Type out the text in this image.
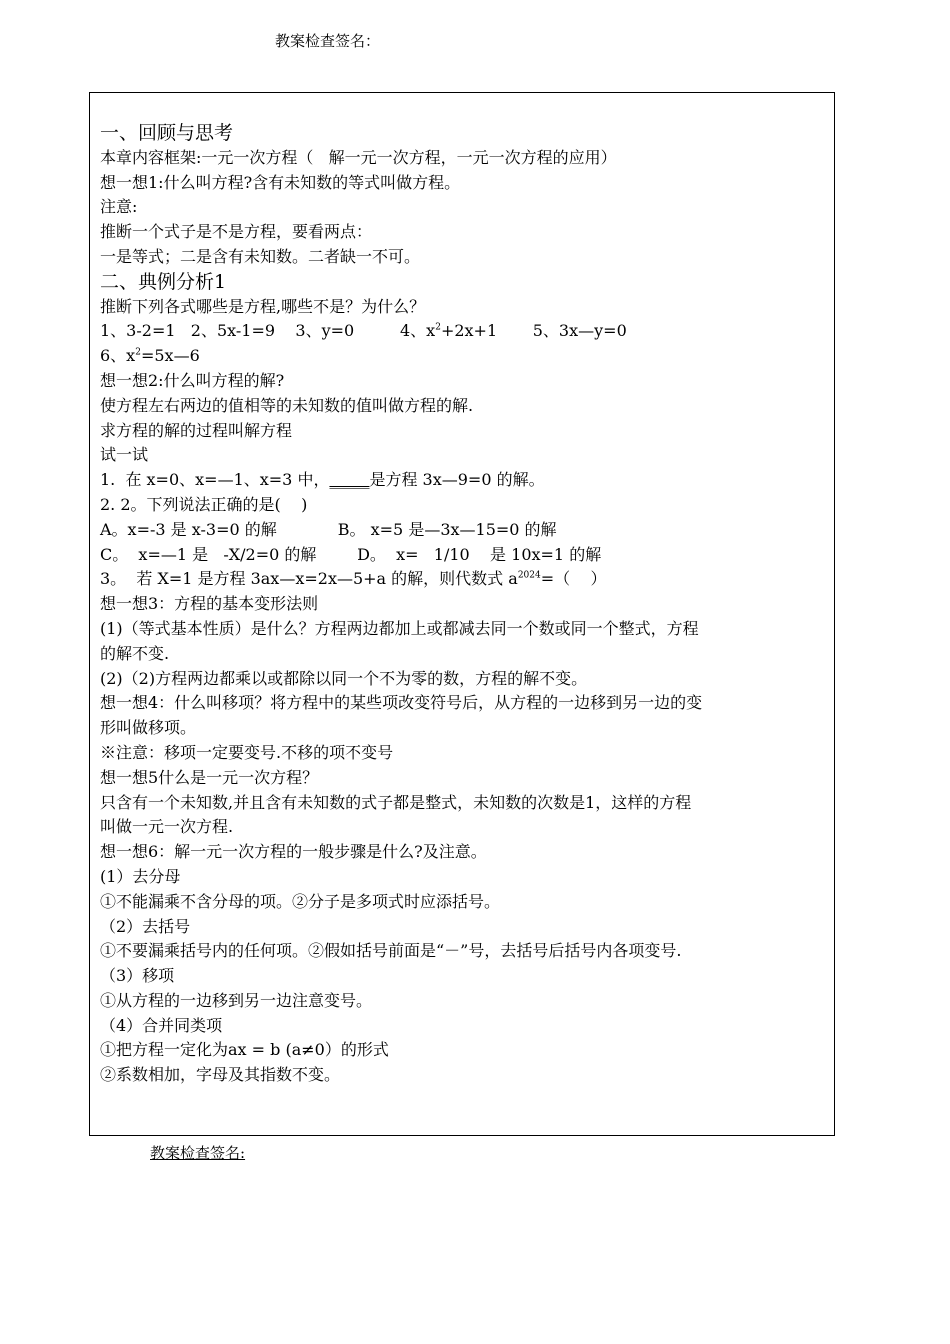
教案检查签名：
一、回顾与思考
本章内容框架:一元一次方程（   解一元一次方程，一元一次方程的应用）
想一想1:什么叫方程?含有未知数的等式叫做方程。
注意:
推断一个式子是不是方程，要看两点：
一是等式；二是含有未知数。二者缺一不可。
二、典例分析1
推断下列各式哪些是方程,哪些不是？为什么？
1、3-2=1   2、5x-1=9    3、y=0         4、$x^2+2x+1$       5、3x—y=0
6、$x^2=5x—6$
想一想2:什么叫方程的解?
使方程左右两边的值相等的未知数的值叫做方程的解.
求方程的解的过程叫解方程
试一试
1.  在 x=0、x=—1、x=3 中，_____是方程 3x—9=0 的解。
2. 2。下列说法正确的是(    )
A。x=-3 是 x-3=0 的解            B。 x=5 是—3x—15=0 的解
C。  x=—1 是   -X/2=0 的解        D。  x=   1/10    是 10x=1 的解
3。  若 X=1 是方程 3ax—x=2x—5+a 的解，则代数式 $a^{2024}=$（    ）
想一想3：方程的基本变形法则
(1)（等式基本性质）是什么？方程两边都加上或都减去同一个数或同一个整式，方程
的解不变.
(2)（2)方程两边都乘以或都除以同一个不为零的数，方程的解不变。
想一想4：什么叫移项？将方程中的某些项改变符号后，从方程的一边移到另一边的变
形叫做移项。
※注意：移项一定要变号.不移的项不变号
想一想5什么是一元一次方程？
只含有一个未知数,并且含有未知数的式子都是整式，未知数的次数是1，这样的方程
叫做一元一次方程.
想一想6：解一元一次方程的一般步骤是什么?及注意。
(1）去分母
①不能漏乘不含分母的项。②分子是多项式时应添括号。
（2）去括号
①不要漏乘括号内的任何项。②假如括号前面是“－”号，去括号后括号内各项变号.
（3）移项
①从方程的一边移到另一边注意变号。
（4）合并同类项
①把方程一定化为ax = b (a≠0）的形式
②系数相加，字母及其指数不变。
教案检查签名:
